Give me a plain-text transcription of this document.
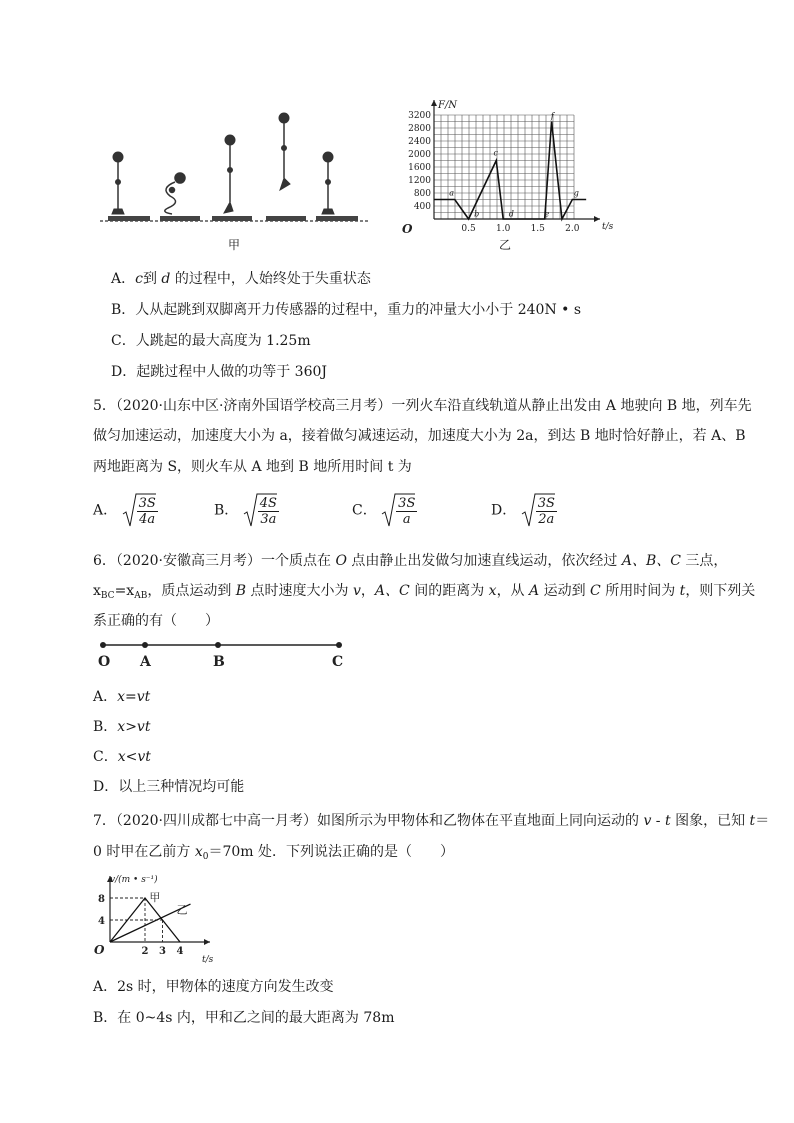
甲
F/N
t/s
O
400
800
1200
1600
2000
2400
2800
3200
0.5 1.0 1.5 2.0
a
b
c
d	e
f
g
乙
A．c到 d 的过程中，人始终处于失重状态
B．人从起跳到双脚离开力传感器的过程中，重力的冲量大小小于 240N • s
C．人跳起的最大高度为 1.25m
D．起跳过程中人做的功等于 360J
5．（2020·山东中区·济南外国语学校高三月考）一列火车沿直线轨道从静止出发由 A 地驶向 B 地，列车先
做匀加速运动，加速度大小为 a，接着做匀减速运动，加速度大小为 2a，到达 B 地时恰好静止，若 A、B
两地距离为 S，则火车从 A 地到 B 地所用时间 t 为
A． $\frac{3S}{4a}$	B． $\frac{4S}{3a}$	C． $\frac{3S}{a}$	D． $\frac{3S}{2a}$
6．（2020·安徽高三月考）一个质点在 O 点由静止出发做匀加速直线运动，依次经过 A、B、C 三点，
$x_{BC}=x_{AB}$，质点运动到 B 点时速度大小为 v，A、C 间的距离为 x，从 A 运动到 C 所用时间为 t，则下列关
系正确的有（　　）
O A	B	C
A．x=vt
B．x>vt
C．x<vt
D．以上三种情况均可能
7．（2020·四川成都七中高一月考）如图所示为甲物体和乙物体在平直地面上同向运动的 v - t 图象，已知 t＝
0 时甲在乙前方 $x_0=70m$ 处．下列说法正确的是（　　）
v/(m • s⁻¹)
t/s
O
4
8
2 3 4
甲
乙
A．2s 时，甲物体的速度方向发生改变
B．在 0~4s 内，甲和乙之间的最大距离为 78m
